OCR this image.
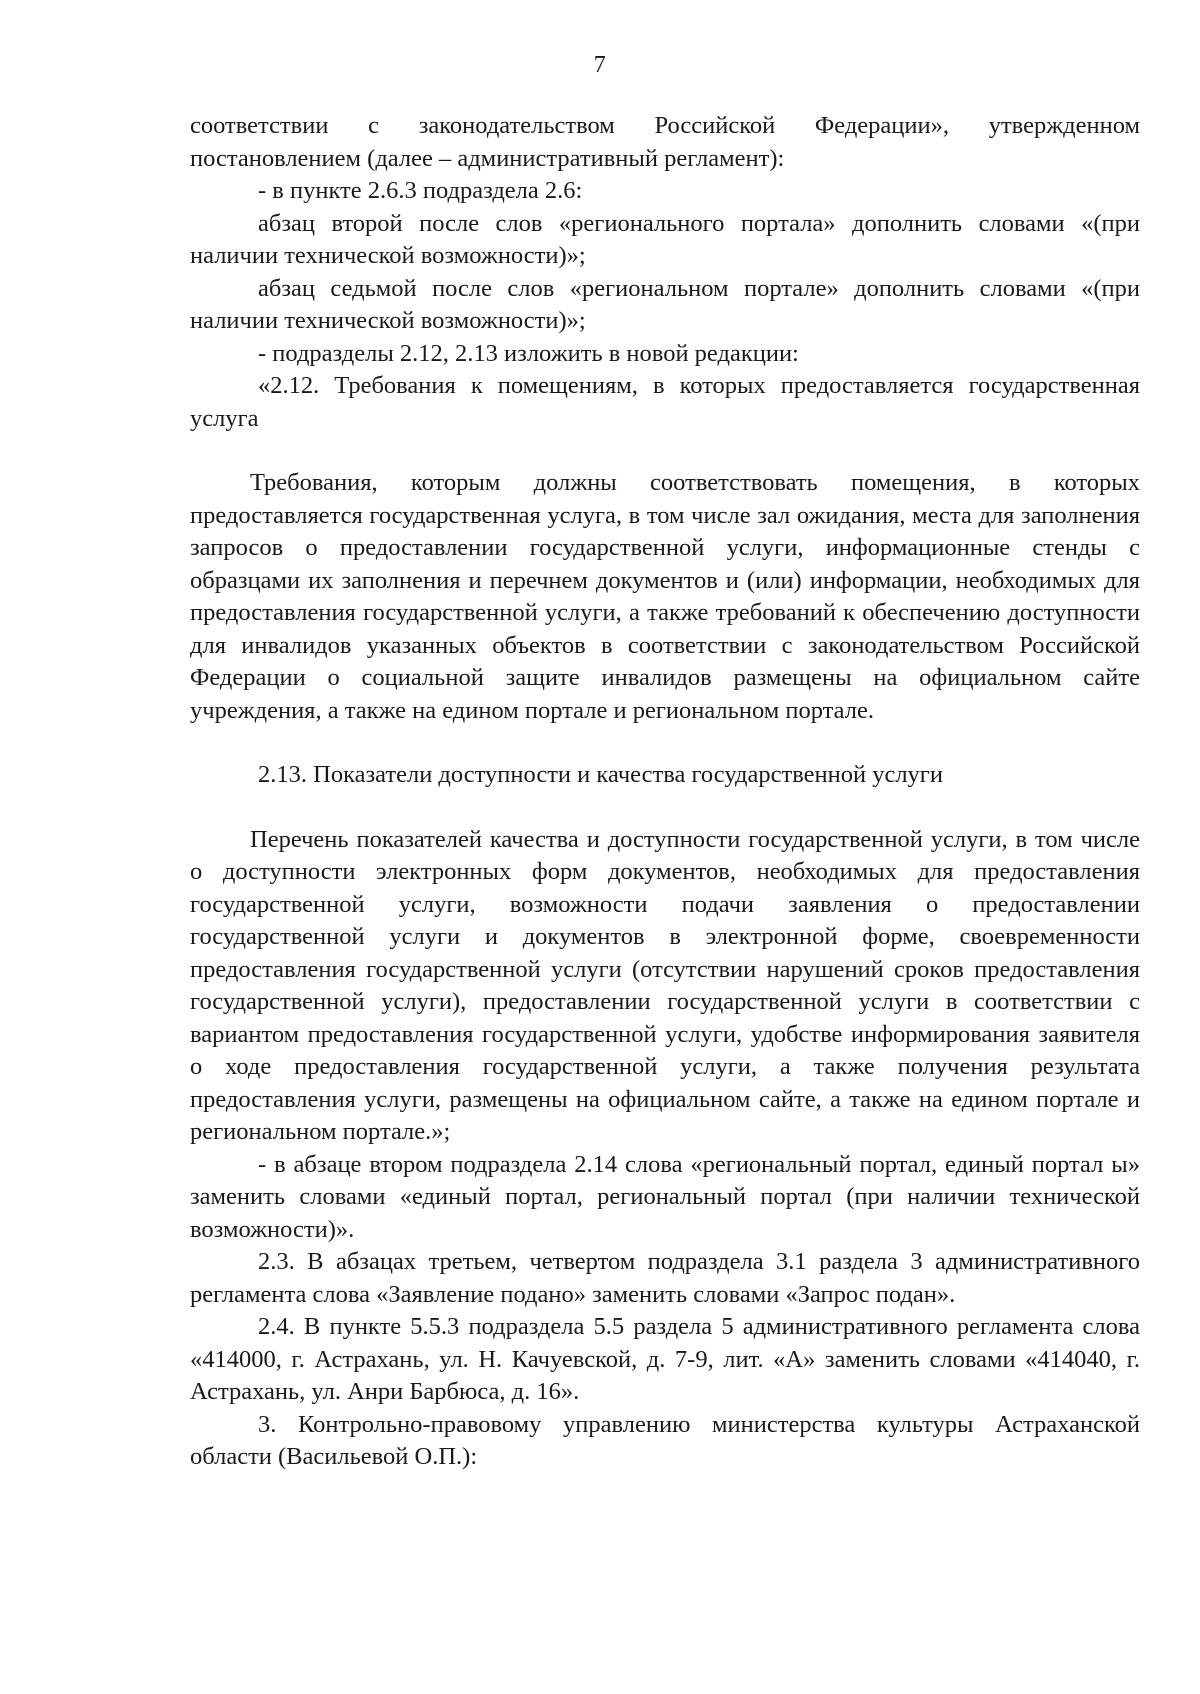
7

соответствии с законодательством Российской Федерации», утвержденном постановлением (далее – административный регламент):

- в пункте 2.6.3 подраздела 2.6:

абзац второй после слов «регионального портала» дополнить словами «(при наличии технической возможности)»;

абзац седьмой после слов «региональном портале» дополнить словами «(при наличии технической возможности)»;

- подразделы 2.12, 2.13 изложить в новой редакции:

«2.12. Требования к помещениям, в которых предоставляется государственная услуга

Требования, которым должны соответствовать помещения, в которых предоставляется государственная услуга, в том числе зал ожидания, места для заполнения запросов о предоставлении государственной услуги, информационные стенды с образцами их заполнения и перечнем документов и (или) информации, необходимых для предоставления государственной услуги, а также требований к обеспечению доступности для инвалидов указанных объектов в соответствии с законодательством Российской Федерации о социальной защите инвалидов размещены на официальном сайте учреждения, а также на едином портале и региональном портале.

2.13. Показатели доступности и качества государственной услуги

Перечень показателей качества и доступности государственной услуги, в том числе о доступности электронных форм документов, необходимых для предоставления государственной услуги, возможности подачи заявления о предоставлении государственной услуги и документов в электронной форме, своевременности предоставления государственной услуги (отсутствии нарушений сроков предоставления государственной услуги), предоставлении государственной услуги в соответствии с вариантом предоставления государственной услуги, удобстве информирования заявителя о ходе предоставления государственной услуги, а также получения результата предоставления услуги, размещены на официальном сайте, а также на едином портале и региональном портале.»;

- в абзаце втором подраздела 2.14 слова «региональный портал, единый портал ы» заменить словами «единый портал, региональный портал (при наличии технической возможности)».

2.3. В абзацах третьем, четвертом подраздела 3.1 раздела 3 административного регламента слова «Заявление подано» заменить словами «Запрос подан».

2.4. В пункте 5.5.3 подраздела 5.5 раздела 5 административного регламента слова «414000, г. Астрахань, ул. Н. Качуевской, д. 7-9, лит. «А» заменить словами «414040, г. Астрахань, ул. Анри Барбюса, д. 16».

3. Контрольно-правовому управлению министерства культуры Астраханской области (Васильевой О.П.):
